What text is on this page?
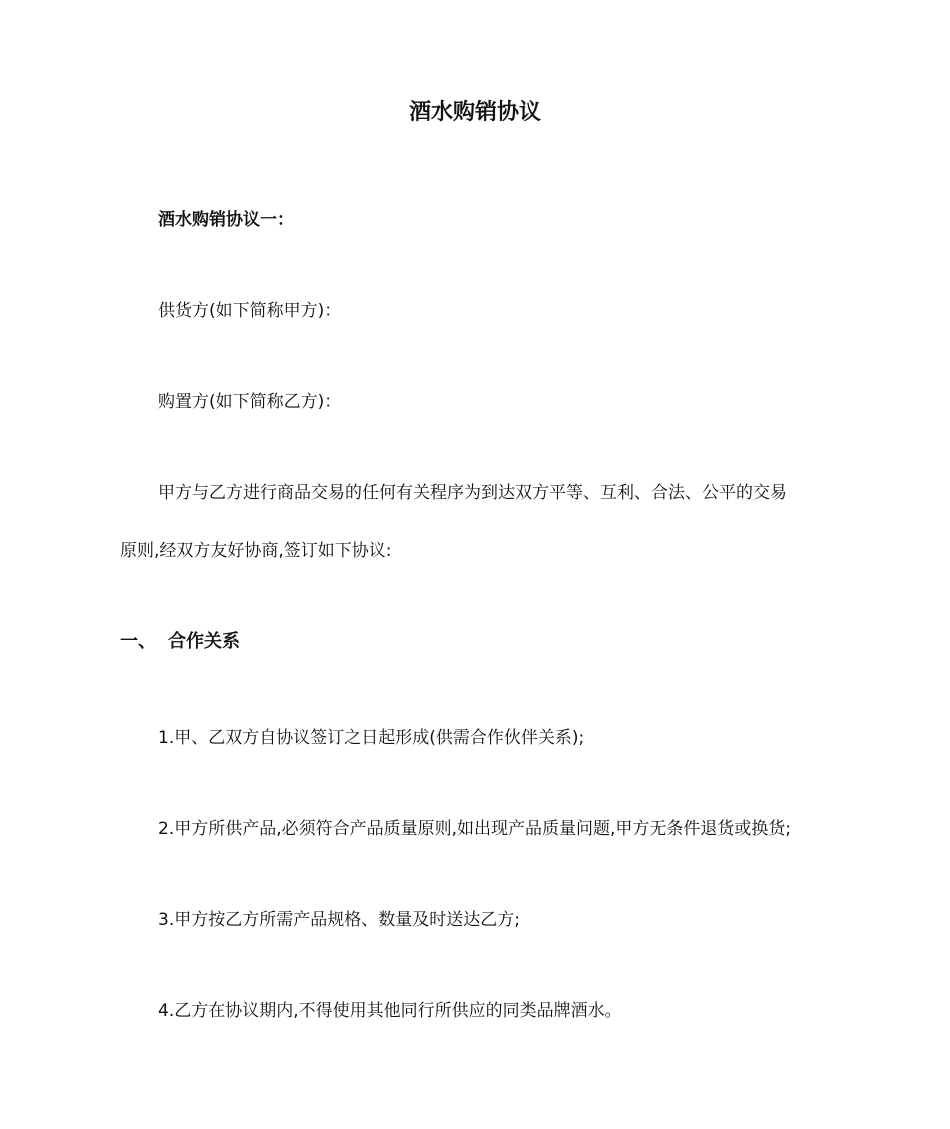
酒水购销协议
酒水购销协议一：
供货方(如下简称甲方)：
购置方(如下简称乙方)：
甲方与乙方进行商品交易的任何有关程序为到达双方平等、互利、合法、公平的交易
原则,经双方友好协商,签订如下协议:
一、 合作关系
1.甲、乙双方自协议签订之日起形成(供需合作伙伴关系);
2.甲方所供产品,必须符合产品质量原则,如出现产品质量问题,甲方无条件退货或换货;
3.甲方按乙方所需产品规格、数量及时送达乙方;
4.乙方在协议期内,不得使用其他同行所供应的同类品牌酒水。
